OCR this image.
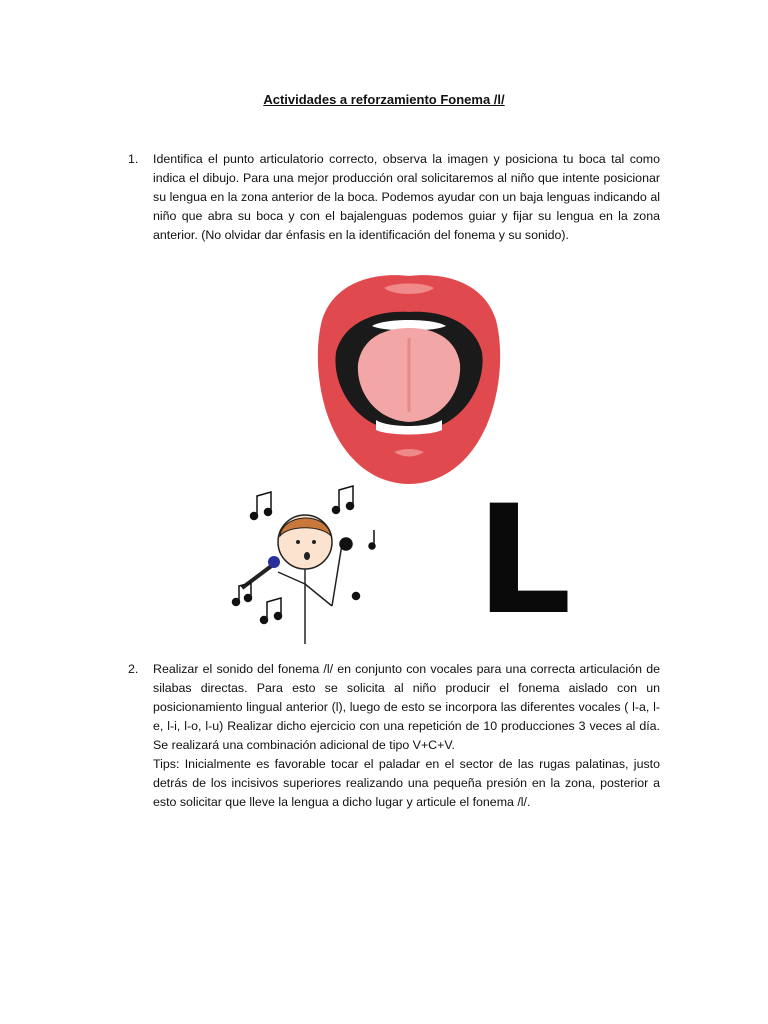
Actividades a reforzamiento Fonema /l/
1. Identifica el punto articulatorio correcto, observa la imagen y posiciona tu boca tal como indica el dibujo. Para una mejor producción oral solicitaremos al niño que intente posicionar su lengua en la zona anterior de la boca. Podemos ayudar con un baja lenguas indicando al niño que abra su boca y con el bajalenguas podemos guiar y fijar su lengua en la zona anterior. (No olvidar dar énfasis en la identificación del fonema y su sonido).

L
2. Realizar el sonido del fonema /l/ en conjunto con vocales para una correcta articulación de silabas directas. Para esto se solicita al niño producir el fonema aislado con un posicionamiento lingual anterior (l), luego de esto se incorpora las diferentes vocales ( l-a, l-e, l-i, l-o, l-u) Realizar dicho ejercicio con una repetición de 10 producciones 3 veces al día. Se realizará una combinación adicional de tipo V+C+V.

Tips: Inicialmente es favorable tocar el paladar en el sector de las rugas palatinas, justo detrás de los incisivos superiores realizando una pequeña presión en la zona, posterior a esto solicitar que lleve la lengua a dicho lugar y articule el fonema /l/.
